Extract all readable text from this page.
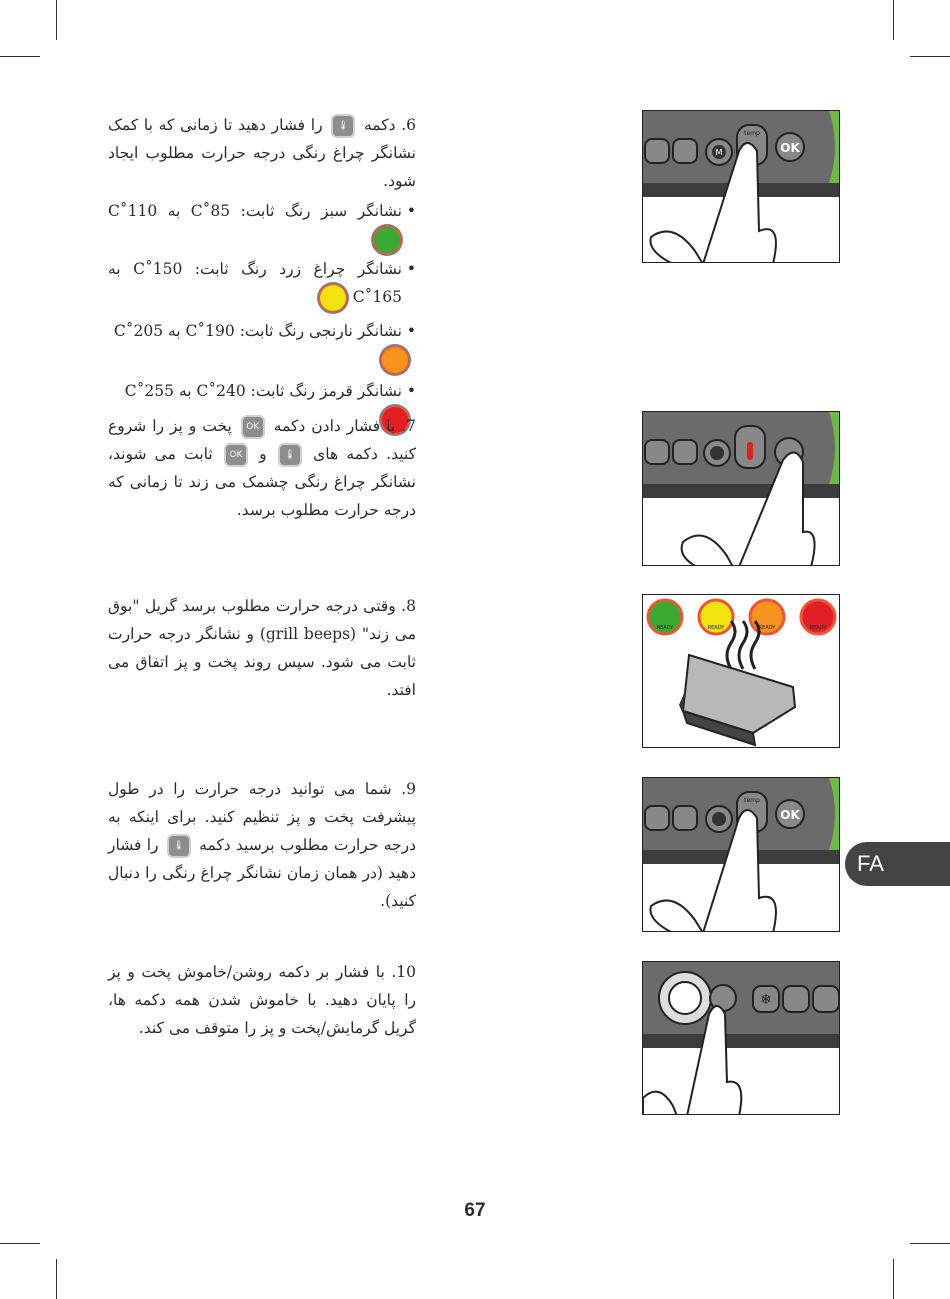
6. دکمه 🌡 را فشار دهید تا زمانی که با کمک نشانگر چراغ رنگی درجه حرارت مطلوب ایجاد شود.

• نشانگر سبز رنگ ثابت: 85˚C به 110˚C
• نشانگر چراغ زرد رنگ ثابت: 150˚C به C˚165
• نشانگر نارنجی رنگ ثابت: 190˚C به 205˚C

• نشانگر قرمز رنگ ثابت: 240˚C به 255˚C

7. با فشار دادن دکمه OK پخت و پز را شروع کنید. دکمه های 🌡 و OK ثابت می شوند، نشانگر چراغ رنگی چشمک می زند تا زمانی که درجه حرارت مطلوب برسد.

8. وقتی درجه حرارت مطلوب برسد گریل "بوق می زند" (grill beeps) و نشانگر درجه حرارت ثابت می شود. سپس روند پخت و پز اتفاق می افتد.

9. شما می توانید درجه حرارت را در طول پیشرفت پخت و پز تنظیم کنید. برای اینکه به درجه حرارت مطلوب برسید دکمه 🌡 را فشار دهید (در همان زمان نشانگر چراغ رنگی را دنبال کنید).

10. با فشار بر دکمه روشن/خاموش پخت و پز را پایان دهید. با خاموش شدن همه دکمه ها، گریل گرمایش/پخت و پز را متوقف می کند.

M
temp
OK
READY	READY	READY	READY
temp
OK
❄
FA
67
